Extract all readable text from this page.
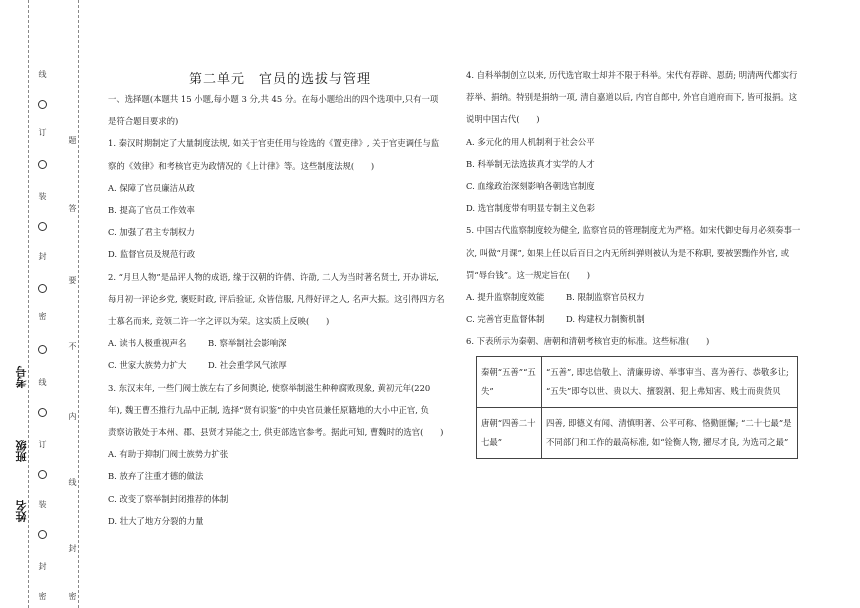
线
订
装
封
密
线
订
装
封
密
题
答
要
不
内
线
封
密
考号
班级
姓名
第二单元　官员的选拔与管理

一、选择题(本题共 15 小题,每小题 3 分,共 45 分。在每小题给出的四个选项中,只有一项

是符合题目要求的)

1. 秦汉时期制定了大量制度法规, 如关于官吏任用与铨选的《置吏律》, 关于官吏调任与监

察的《效律》和考核官吏为政情况的《上计律》等。这些制度法规(　　)

A. 保障了官员廉洁从政

B. 提高了官员工作效率

C. 加强了君主专制权力

D. 监督官员及规范行政

2. “月旦人物”是品评人物的成语, 缘于汉朝的许倩、许劭, 二人为当时著名贤士, 开办讲坛,

每月初一评论乡党, 褒贬时政, 评后验证, 众皆信服, 凡得好评之人, 名声大振。这引得四方名

士慕名而来, 竞领二许一字之评以为荣。这实质上反映(　　)

A. 读书人极重视声名	B. 察举制社会影响深

C. 世家大族势力扩大	D. 社会重学风气浓厚

3. 东汉末年, 一些门阀士族左右了乡间舆论, 使察举制滋生种种腐败现象, 黄初元年(220

年), 魏王曹丕推行九品中正制, 选择“贤有识鉴”的中央官员兼任原籍地的大小中正官, 负

责察访散处于本州、郡、县贤才异能之士, 供吏部选官参考。据此可知, 曹魏时的选官(　　)

A. 有助于抑制门阀士族势力扩张

B. 放弃了注重才德的做法

C. 改变了察举制封闭推荐的体制

D. 壮大了地方分裂的力量

4. 自科举制创立以来, 历代选官取士却并不限于科举。宋代有荐辟、恩荫; 明清两代都实行

荐举、捐纳。特别是捐纳一项, 清自嘉道以后, 内官自郎中, 外官自道府而下, 皆可报捐。这

说明中国古代(　　)

A. 多元化的用人机制利于社会公平

B. 科举制无法选拔真才实学的人才

C. 血缘政治深刻影响各朝选官制度

D. 选官制度带有明显专制主义色彩

5. 中国古代监察制度较为健全, 监察官员的管理制度尤为严格。如宋代御史每月必须奏事一

次, 叫做“月课”, 如果上任以后百日之内无所纠弹则被认为是不称职, 要被罢黜作外官, 或

罚“辱台钱”。这一规定旨在(　　)

A. 提升监察制度效能	B. 限制监察官员权力

C. 完善官吏监督体制	D. 构建权力制衡机制

6. 下表所示为秦朝、唐朝和清朝考核官吏的标准。这些标准(　　)

秦朝“五善”“五失”	“五善”, 即忠信敬上、清廉毋谤、举事审当、喜为善行、恭敬多让; “五失”即夸以世、贵以大、擅裂割、犯上弗知害、贱士而贵货贝
唐朝“四善二十七最”	四善, 即德义有闻、清慎明著、公平可称、恪勤匪懈; “二十七最”是不同部门和工作的最高标准, 如“铨衡人物, 擢尽才良, 为选司之最”
